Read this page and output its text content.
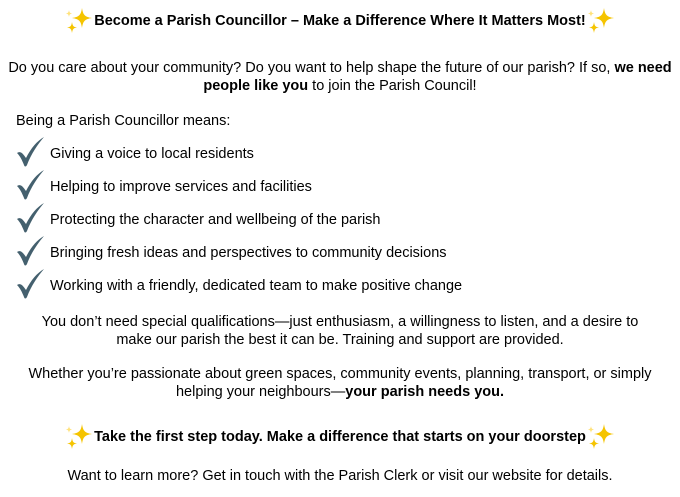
Become a Parish Councillor – Make a Difference Where It Matters Most!
Do you care about your community? Do you want to help shape the future of our parish? If so, we need people like you to join the Parish Council!
Being a Parish Councillor means:
Giving a voice to local residents
Helping to improve services and facilities
Protecting the character and wellbeing of the parish
Bringing fresh ideas and perspectives to community decisions
Working with a friendly, dedicated team to make positive change
You don’t need special qualifications—just enthusiasm, a willingness to listen, and a desire to make our parish the best it can be. Training and support are provided.
Whether you’re passionate about green spaces, community events, planning, transport, or simply helping your neighbours—your parish needs you.
Take the first step today. Make a difference that starts on your doorstep
Want to learn more? Get in touch with the Parish Clerk or visit our website for details.
